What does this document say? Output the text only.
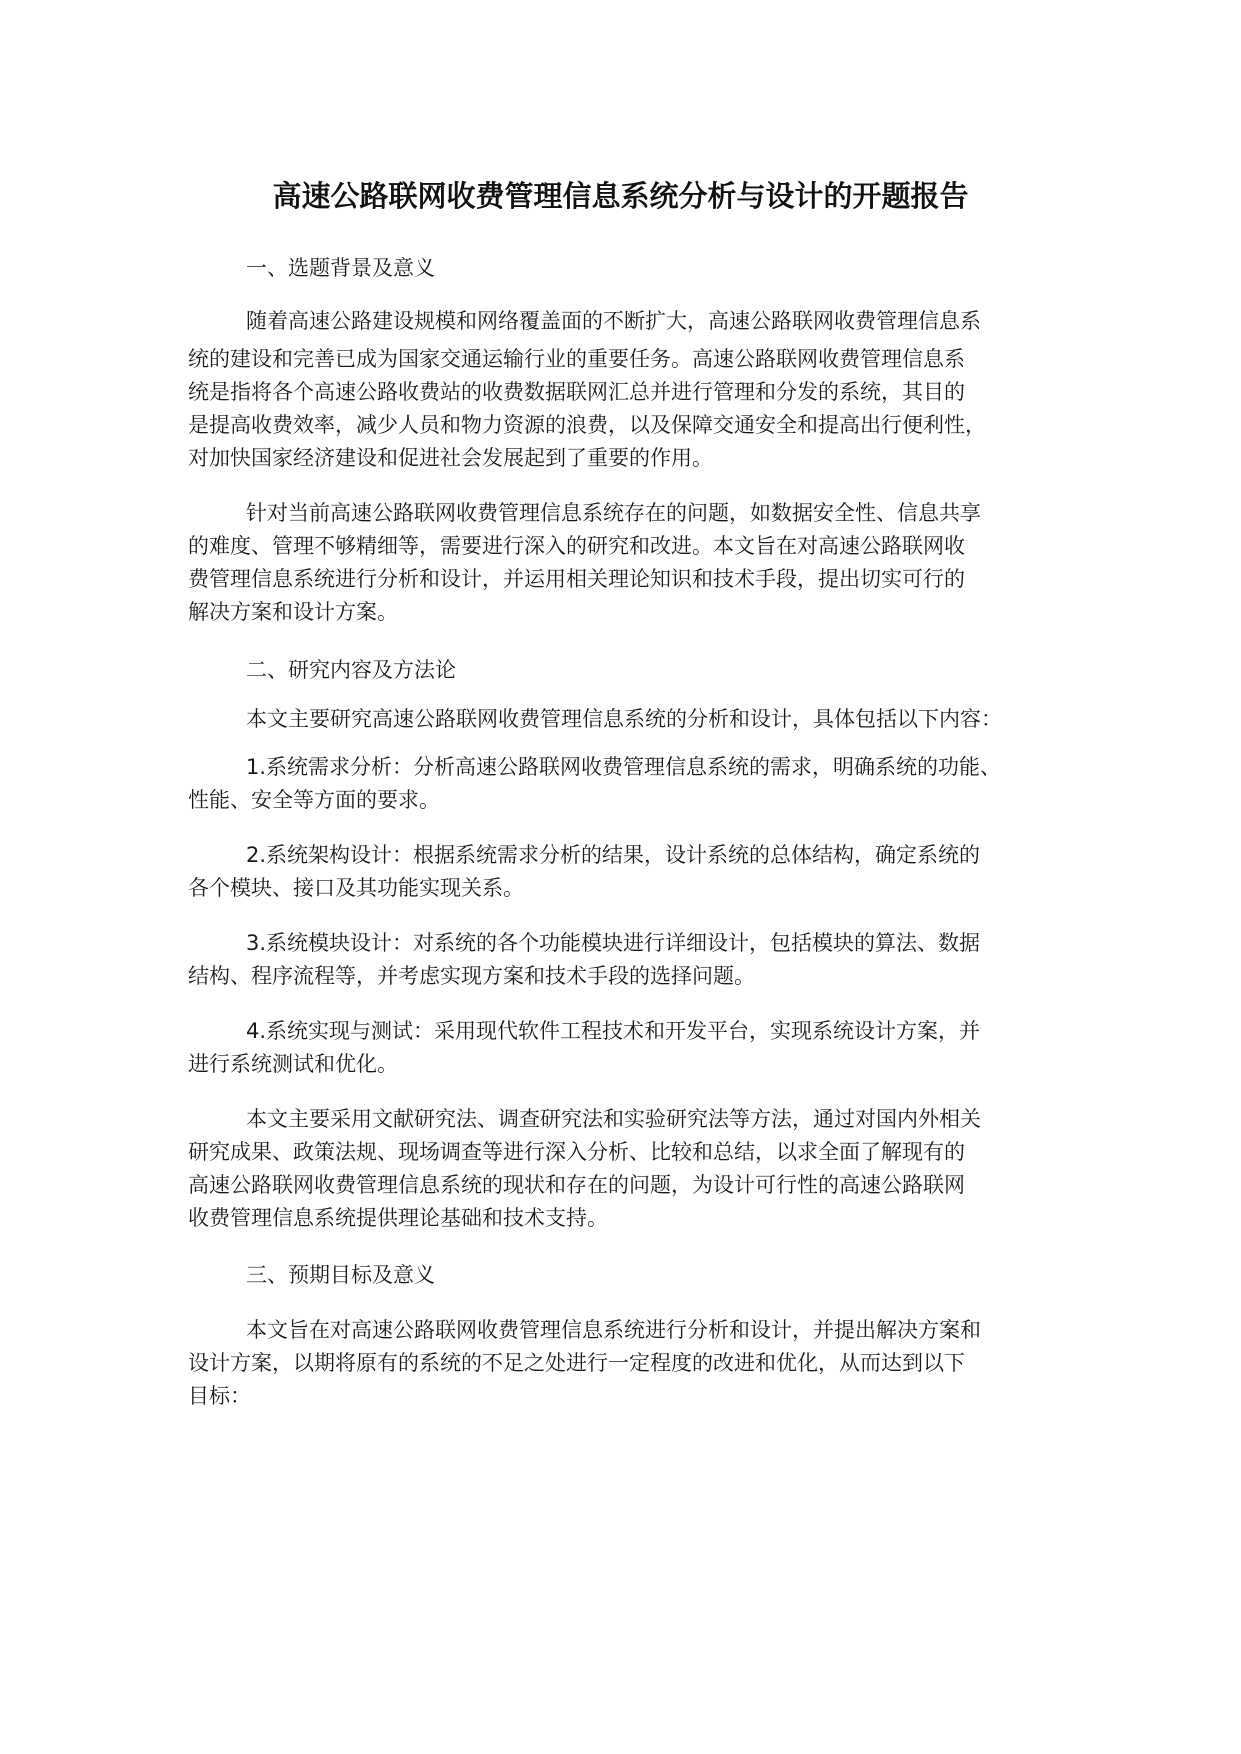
高速公路联网收费管理信息系统分析与设计的开题报告
一、选题背景及意义
随着高速公路建设规模和网络覆盖面的不断扩大，高速公路联网收费管理信息系
统的建设和完善已成为国家交通运输行业的重要任务。高速公路联网收费管理信息系
统是指将各个高速公路收费站的收费数据联网汇总并进行管理和分发的系统，其目的
是提高收费效率，减少人员和物力资源的浪费，以及保障交通安全和提高出行便利性，
对加快国家经济建设和促进社会发展起到了重要的作用。
针对当前高速公路联网收费管理信息系统存在的问题，如数据安全性、信息共享
的难度、管理不够精细等，需要进行深入的研究和改进。本文旨在对高速公路联网收
费管理信息系统进行分析和设计，并运用相关理论知识和技术手段，提出切实可行的
解决方案和设计方案。
二、研究内容及方法论
本文主要研究高速公路联网收费管理信息系统的分析和设计，具体包括以下内容：
1.系统需求分析：分析高速公路联网收费管理信息系统的需求，明确系统的功能、
性能、安全等方面的要求。
2.系统架构设计：根据系统需求分析的结果，设计系统的总体结构，确定系统的
各个模块、接口及其功能实现关系。
3.系统模块设计：对系统的各个功能模块进行详细设计，包括模块的算法、数据
结构、程序流程等，并考虑实现方案和技术手段的选择问题。
4.系统实现与测试：采用现代软件工程技术和开发平台，实现系统设计方案，并
进行系统测试和优化。
本文主要采用文献研究法、调查研究法和实验研究法等方法，通过对国内外相关
研究成果、政策法规、现场调查等进行深入分析、比较和总结，以求全面了解现有的
高速公路联网收费管理信息系统的现状和存在的问题，为设计可行性的高速公路联网
收费管理信息系统提供理论基础和技术支持。
三、预期目标及意义
本文旨在对高速公路联网收费管理信息系统进行分析和设计，并提出解决方案和
设计方案，以期将原有的系统的不足之处进行一定程度的改进和优化，从而达到以下
目标：
